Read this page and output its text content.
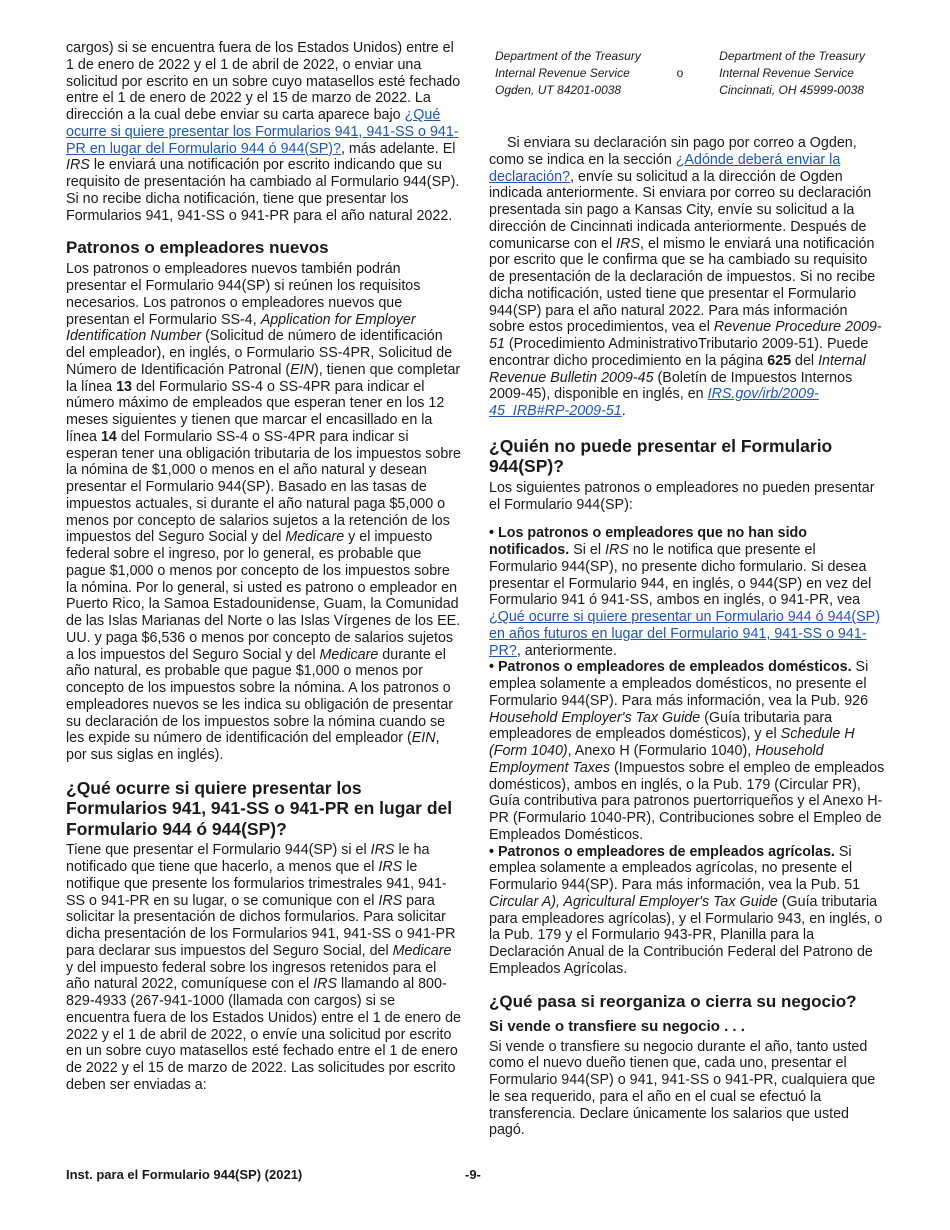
cargos) si se encuentra fuera de los Estados Unidos) entre el 1 de enero de 2022 y el 1 de abril de 2022, o enviar una solicitud por escrito en un sobre cuyo matasellos esté fechado entre el 1 de enero de 2022 y el 15 de marzo de 2022. La dirección a la cual debe enviar su carta aparece bajo ¿Qué ocurre si quiere presentar los Formularios 941, 941-SS o 941-PR en lugar del Formulario 944 ó 944(SP)?, más adelante. El IRS le enviará una notificación por escrito indicando que su requisito de presentación ha cambiado al Formulario 944(SP). Si no recibe dicha notificación, tiene que presentar los Formularios 941, 941-SS o 941-PR para el año natural 2022.

Patronos o empleadores nuevos

Los patronos o empleadores nuevos también podrán presentar el Formulario 944(SP) si reúnen los requisitos necesarios. Los patronos o empleadores nuevos que presentan el Formulario SS-4, Application for Employer Identification Number (Solicitud de número de identificación del empleador), en inglés, o Formulario SS-4PR, Solicitud de Número de Identificación Patronal (EIN), tienen que completar la línea 13 del Formulario SS-4 o SS-4PR para indicar el número máximo de empleados que esperan tener en los 12 meses siguientes y tienen que marcar el encasillado en la línea 14 del Formulario SS-4 o SS-4PR para indicar si esperan tener una obligación tributaria de los impuestos sobre la nómina de $1,000 o menos en el año natural y desean presentar el Formulario 944(SP). Basado en las tasas de impuestos actuales, si durante el año natural paga $5,000 o menos por concepto de salarios sujetos a la retención de los impuestos del Seguro Social y del Medicare y el impuesto federal sobre el ingreso, por lo general, es probable que pague $1,000 o menos por concepto de los impuestos sobre la nómina. Por lo general, si usted es patrono o empleador en Puerto Rico, la Samoa Estadounidense, Guam, la Comunidad de las Islas Marianas del Norte o las Islas Vírgenes de los EE. UU. y paga $6,536 o menos por concepto de salarios sujetos a los impuestos del Seguro Social y del Medicare durante el año natural, es probable que pague $1,000 o menos por concepto de los impuestos sobre la nómina. A los patronos o empleadores nuevos se les indica su obligación de presentar su declaración de los impuestos sobre la nómina cuando se les expide su número de identificación del empleador (EIN, por sus siglas en inglés).

¿Qué ocurre si quiere presentar los Formularios 941, 941-SS o 941-PR en lugar del Formulario 944 ó 944(SP)?

Tiene que presentar el Formulario 944(SP) si el IRS le ha notificado que tiene que hacerlo, a menos que el IRS le notifique que presente los formularios trimestrales 941, 941-SS o 941-PR en su lugar, o se comunique con el IRS para solicitar la presentación de dichos formularios. Para solicitar dicha presentación de los Formularios 941, 941-SS o 941-PR para declarar sus impuestos del Seguro Social, del Medicare y del impuesto federal sobre los ingresos retenidos para el año natural 2022, comuníquese con el IRS llamando al 800-829-4933 (267-941-1000 (llamada con cargos) si se encuentra fuera de los Estados Unidos) entre el 1 de enero de 2022 y el 1 de abril de 2022, o envíe una solicitud por escrito en un sobre cuyo matasellos esté fechado entre el 1 de enero de 2022 y el 15 de marzo de 2022. Las solicitudes por escrito deben ser enviadas a:

Department of the Treasury
Internal Revenue Service
Ogden, UT 84201-0038
o
Department of the Treasury
Internal Revenue Service
Cincinnati, OH 45999-0038

Si enviara su declaración sin pago por correo a Ogden, como se indica en la sección ¿Adónde deberá enviar la declaración?, envíe su solicitud a la dirección de Ogden indicada anteriormente. Si enviara por correo su declaración presentada sin pago a Kansas City, envíe su solicitud a la dirección de Cincinnati indicada anteriormente. Después de comunicarse con el IRS, el mismo le enviará una notificación por escrito que le confirma que se ha cambiado su requisito de presentación de la declaración de impuestos. Si no recibe dicha notificación, usted tiene que presentar el Formulario 944(SP) para el año natural 2022. Para más información sobre estos procedimientos, vea el Revenue Procedure 2009-51 (Procedimiento AdministrativoTributario 2009-51). Puede encontrar dicho procedimiento en la página 625 del Internal Revenue Bulletin 2009-45 (Boletín de Impuestos Internos 2009-45), disponible en inglés, en IRS.gov/irb/2009-45_IRB#RP-2009-51.

¿Quién no puede presentar el Formulario 944(SP)?

Los siguientes patronos o empleadores no pueden presentar el Formulario 944(SP):

• Los patronos o empleadores que no han sido notificados. Si el IRS no le notifica que presente el Formulario 944(SP), no presente dicho formulario. Si desea presentar el Formulario 944, en inglés, o 944(SP) en vez del Formulario 941 ó 941-SS, ambos en inglés, o 941-PR, vea ¿Qué ocurre si quiere presentar un Formulario 944 ó 944(SP) en años futuros en lugar del Formulario 941, 941-SS o 941-PR?, anteriormente.

• Patronos o empleadores de empleados domésticos. Si emplea solamente a empleados domésticos, no presente el Formulario 944(SP). Para más información, vea la Pub. 926 Household Employer's Tax Guide (Guía tributaria para empleadores de empleados domésticos), y el Schedule H (Form 1040), Anexo H (Formulario 1040), Household Employment Taxes (Impuestos sobre el empleo de empleados domésticos), ambos en inglés, o la Pub. 179 (Circular PR), Guía contributiva para patronos puertorriqueños y el Anexo H-PR (Formulario 1040-PR), Contribuciones sobre el Empleo de Empleados Domésticos.

• Patronos o empleadores de empleados agrícolas. Si emplea solamente a empleados agrícolas, no presente el Formulario 944(SP). Para más información, vea la Pub. 51 Circular A), Agricultural Employer's Tax Guide (Guía tributaria para empleadores agrícolas), y el Formulario 943, en inglés, o la Pub. 179 y el Formulario 943-PR, Planilla para la Declaración Anual de la Contribución Federal del Patrono de Empleados Agrícolas.

¿Qué pasa si reorganiza o cierra su negocio?
Si vende o transfiere su negocio . . .

Si vende o transfiere su negocio durante el año, tanto usted como el nuevo dueño tienen que, cada uno, presentar el Formulario 944(SP) o 941, 941-SS o 941-PR, cualquiera que le sea requerido, para el año en el cual se efectuó la transferencia. Declare únicamente los salarios que usted pagó.

Inst. para el Formulario 944(SP) (2021)	-9-
